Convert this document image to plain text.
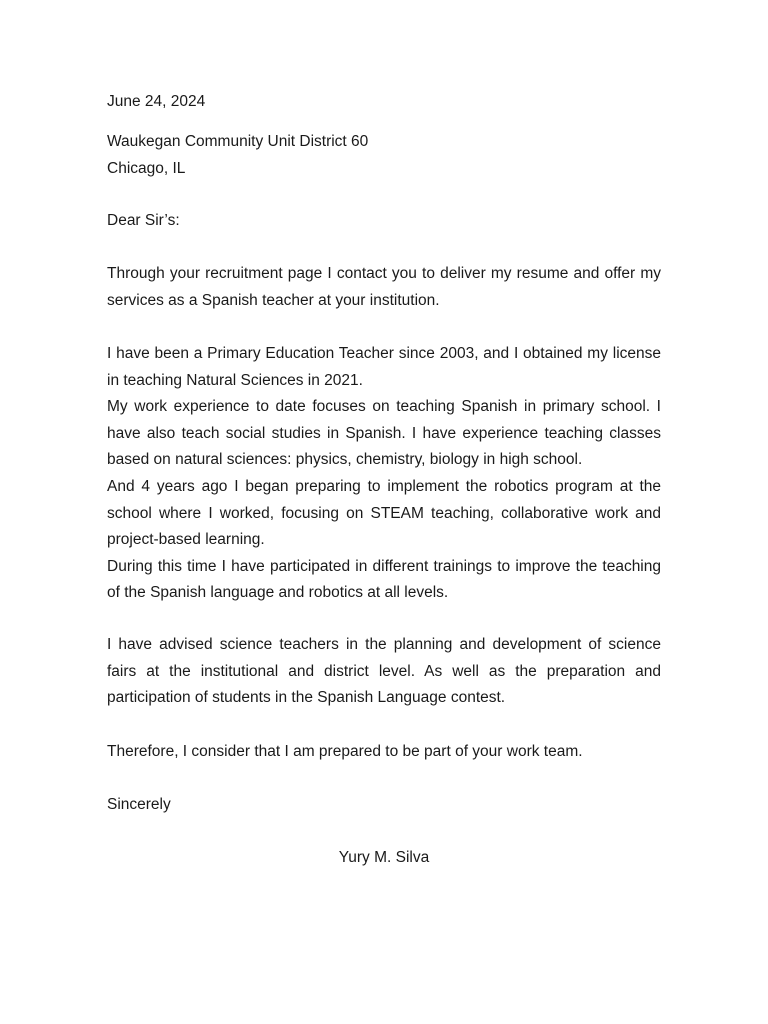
June 24, 2024

Waukegan Community Unit District 60
Chicago, IL

Dear Sir’s:

Through your recruitment page I contact you to deliver my resume and offer my services as a Spanish teacher at your institution.

I have been a Primary Education Teacher since 2003, and I obtained my license in teaching Natural Sciences in 2021.

My work experience to date focuses on teaching Spanish in primary school. I have also teach social studies in Spanish. I have experience teaching classes based on natural sciences: physics, chemistry, biology in high school.

And 4 years ago I began preparing to implement the robotics program at the school where I worked, focusing on STEAM teaching, collaborative work and project-based learning.

During this time I have participated in different trainings to improve the teaching of the Spanish language and robotics at all levels.

I have advised science teachers in the planning and development of science fairs at the institutional and district level. As well as the preparation and participation of students in the Spanish Language contest.

Therefore, I consider that I am prepared to be part of your work team.

Sincerely

Yury M. Silva
